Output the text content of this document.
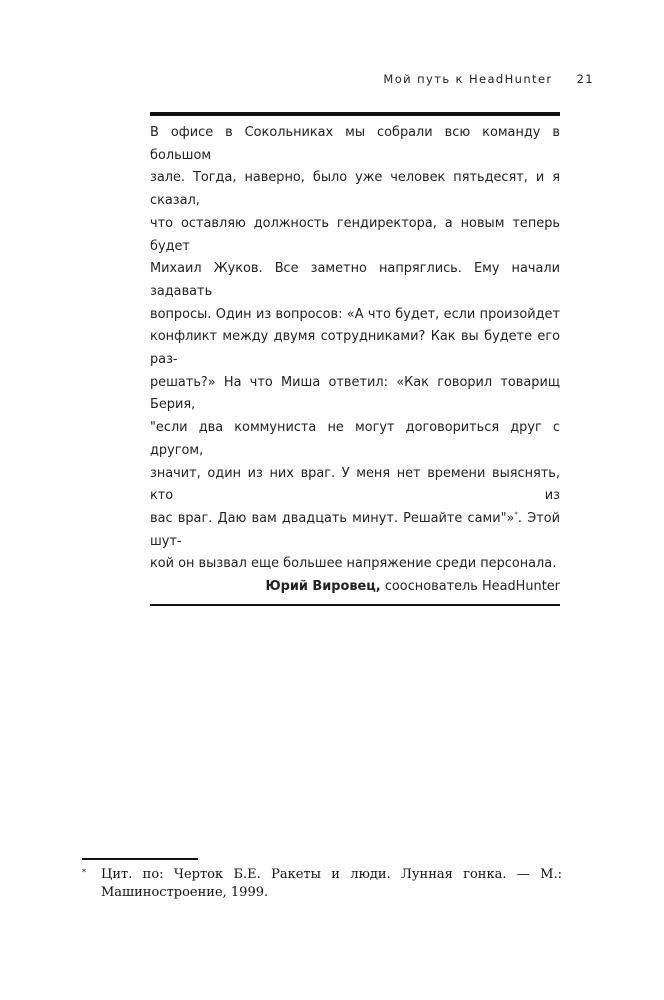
Мой путь к HeadHunter 21
В офисе в Сокольниках мы собрали всю команду в большом
зале. Тогда, наверно, было уже человек пятьдесят, и я сказал,
что оставляю должность гендиректора, а новым теперь будет
Михаил Жуков. Все заметно напряглись. Ему начали задавать
вопросы. Один из вопросов: «А что будет, если произойдет
конфликт между двумя сотрудниками? Как вы будете его раз-
решать?» На что Миша ответил: «Как говорил товарищ Берия,
"если два коммуниста не могут договориться друг с другом,
значит, один из них враг. У меня нет времени выяснять, кто из
вас враг. Даю вам двадцать минут. Решайте сами"»*. Этой шут-
кой он вызвал еще большее напряжение среди персонала.
Юрий Вировец, сооснователь HeadHunter
*	Цит. по: Черток Б.Е. Ракеты и люди. Лунная гонка. — М.: Машиностроение, 1999.
